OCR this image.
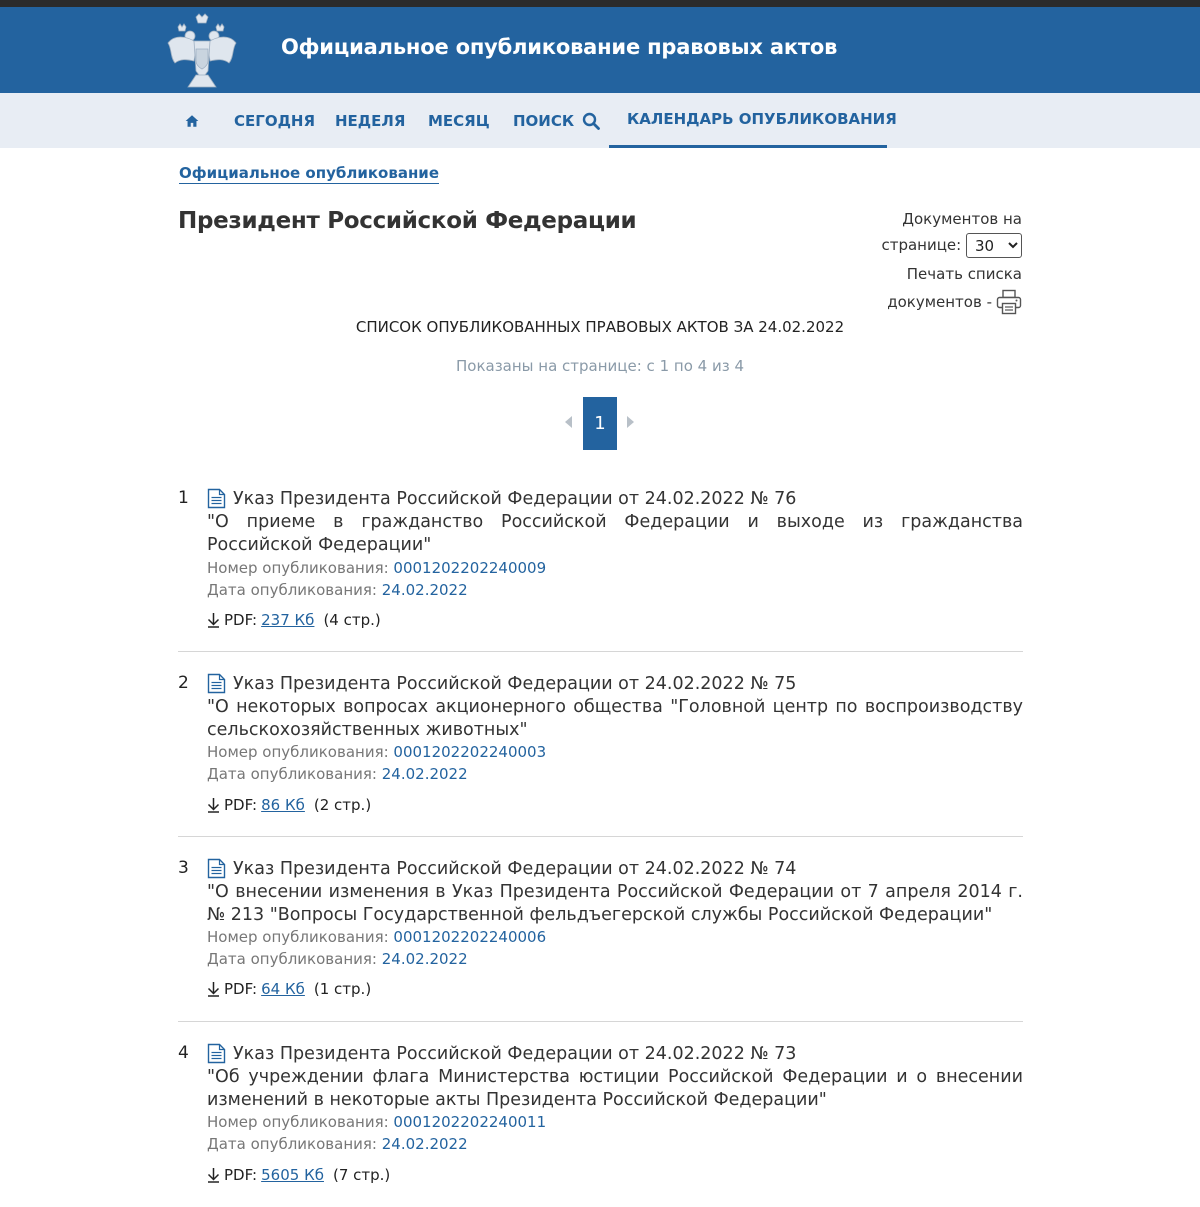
Официальное опубликование правовых актов
СЕГОДНЯ НЕДЕЛЯ МЕСЯЦ ПОИСК	КАЛЕНДАРЬ ОПУБЛИКОВАНИЯ
Официальное опубликование
Президент Российской Федерации	Документов на
странице:
30
Печать списка
документов -
СПИСОК ОПУБЛИКОВАННЫХ ПРАВОВЫХ АКТОВ ЗА 24.02.2022
Показаны на странице: с 1 по 4 из 4
1
1	Указ Президента Российской Федерации от 24.02.2022 № 76
"О приеме в гражданство Российской Федерации и выходе из гражданства Российской Федерации"
Номер опубликования: 0001202202240009
Дата опубликования: 24.02.2022
PDF: 237 Кб (4 стр.)
2	Указ Президента Российской Федерации от 24.02.2022 № 75
"О некоторых вопросах акционерного общества "Головной центр по воспроизводству сельскохозяйственных животных"
Номер опубликования: 0001202202240003
Дата опубликования: 24.02.2022
PDF: 86 Кб (2 стр.)
3	Указ Президента Российской Федерации от 24.02.2022 № 74
"О внесении изменения в Указ Президента Российской Федерации от 7 апреля 2014 г. № 213 "Вопросы Государственной фельдъегерской службы Российской Федерации"
Номер опубликования: 0001202202240006
Дата опубликования: 24.02.2022
PDF: 64 Кб (1 стр.)
4	Указ Президента Российской Федерации от 24.02.2022 № 73
"Об учреждении флага Министерства юстиции Российской Федерации и о внесении изменений в некоторые акты Президента Российской Федерации"
Номер опубликования: 0001202202240011
Дата опубликования: 24.02.2022
PDF: 5605 Кб (7 стр.)
